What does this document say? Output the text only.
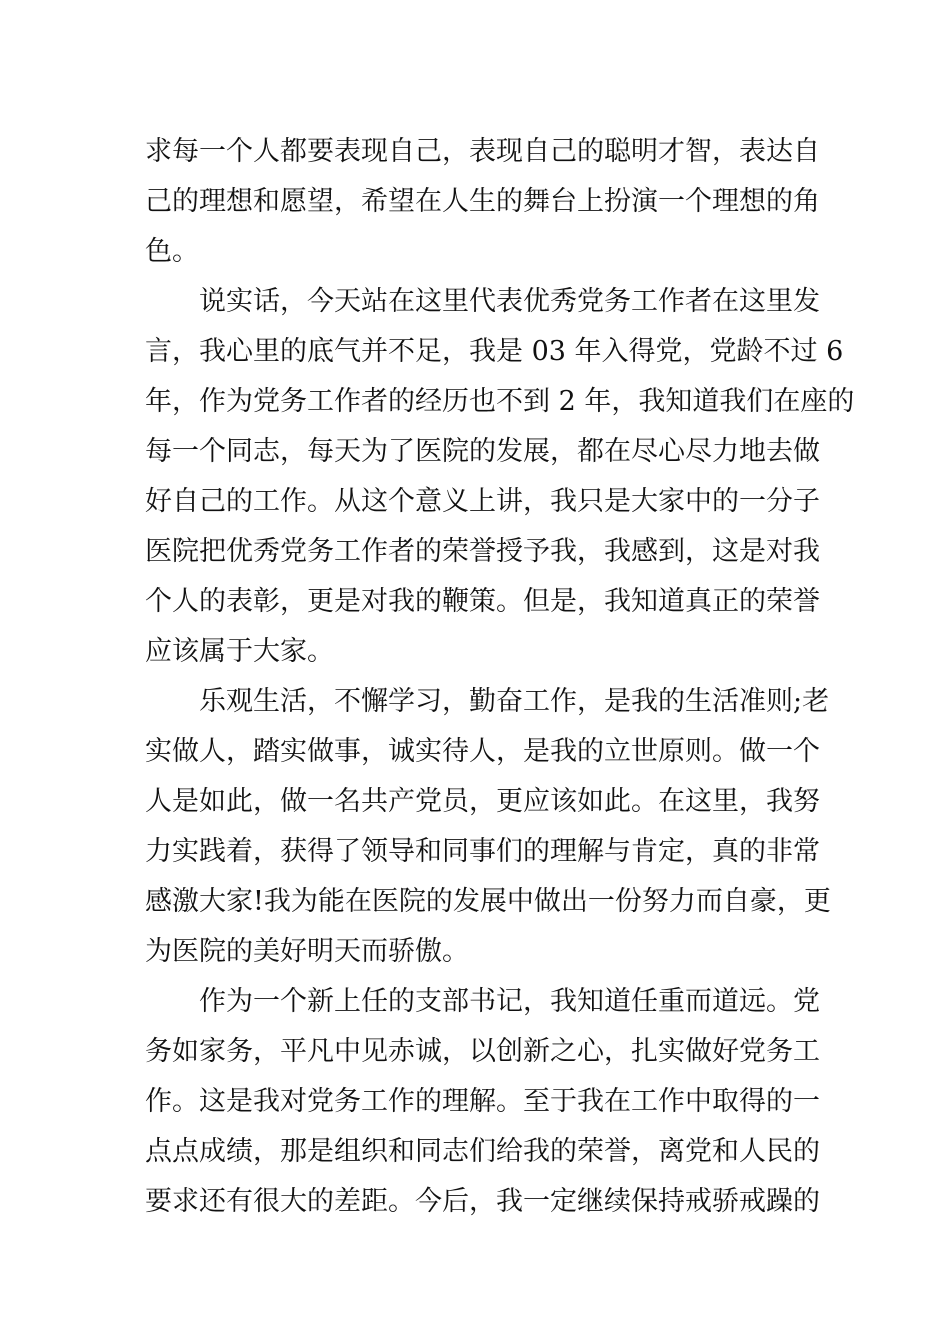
求每一个人都要表现自己，表现自己的聪明才智，表达自
己的理想和愿望，希望在人生的舞台上扮演一个理想的角
色。
说实话，今天站在这里代表优秀党务工作者在这里发
言，我心里的底气并不足，我是 03 年入得党，党龄不过 6
年，作为党务工作者的经历也不到 2 年，我知道我们在座的
每一个同志，每天为了医院的发展，都在尽心尽力地去做
好自己的工作。从这个意义上讲，我只是大家中的一分子
医院把优秀党务工作者的荣誉授予我，我感到，这是对我
个人的表彰，更是对我的鞭策。但是，我知道真正的荣誉
应该属于大家。
乐观生活，不懈学习，勤奋工作，是我的生活准则;老
实做人，踏实做事，诚实待人，是我的立世原则。做一个
人是如此，做一名共产党员，更应该如此。在这里，我努
力实践着，获得了领导和同事们的理解与肯定，真的非常
感激大家!我为能在医院的发展中做出一份努力而自豪，更
为医院的美好明天而骄傲。
作为一个新上任的支部书记，我知道任重而道远。党
务如家务，平凡中见赤诚，以创新之心，扎实做好党务工
作。这是我对党务工作的理解。至于我在工作中取得的一
点点成绩，那是组织和同志们给我的荣誉，离党和人民的
要求还有很大的差距。今后，我一定继续保持戒骄戒躁的
